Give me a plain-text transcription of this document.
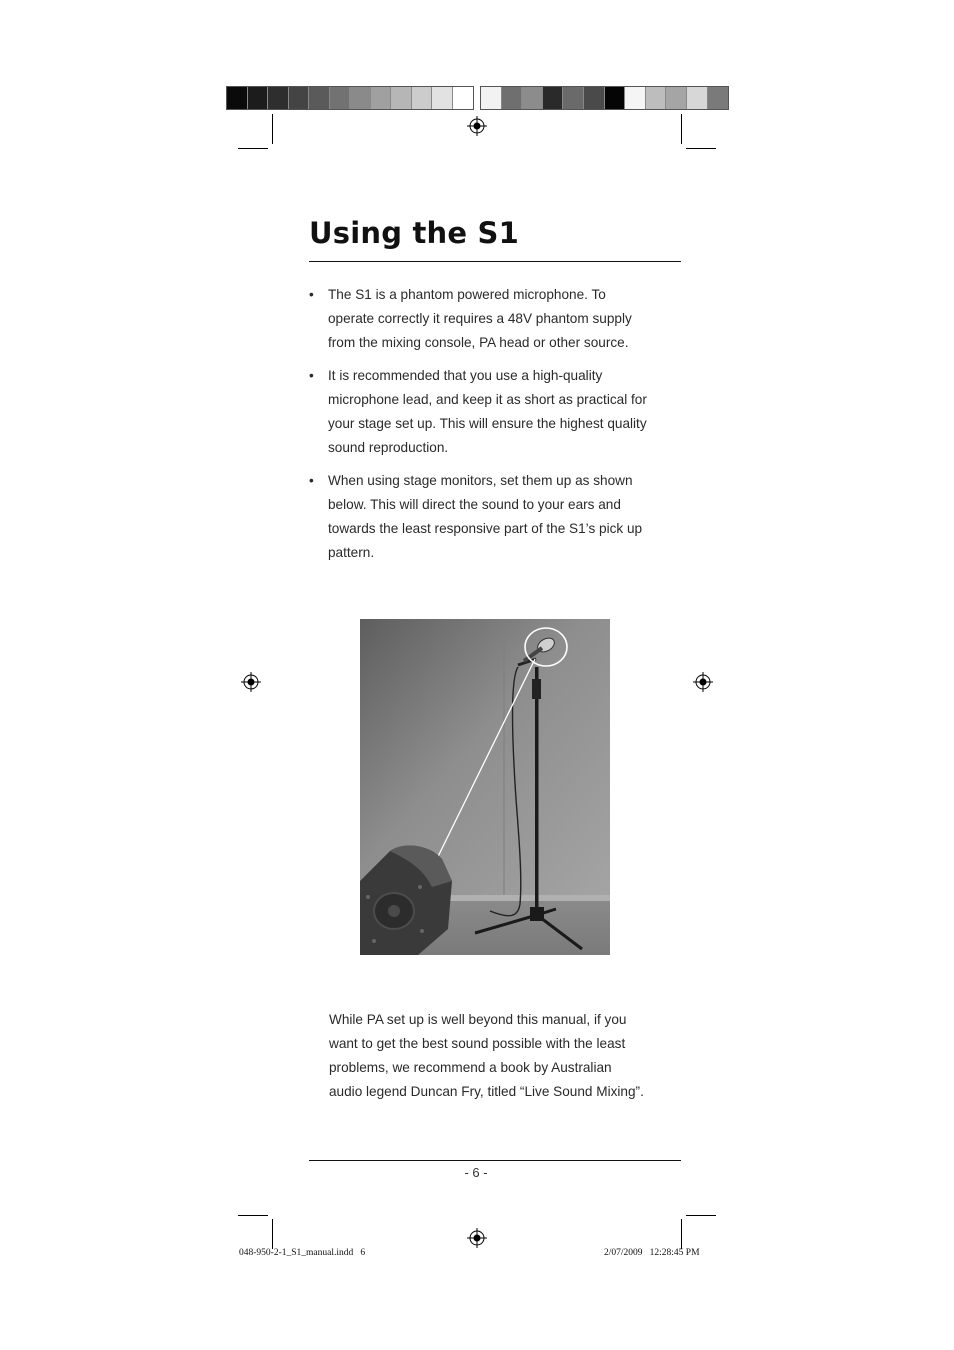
Using the S1
• The S1 is a phantom powered microphone. To operate correctly it requires a 48V phantom supply from the mixing console, PA head or other source.
• It is recommended that you use a high-quality microphone lead, and keep it as short as practical for your stage set up. This will ensure the highest quality sound reproduction.
• When using stage monitors, set them up as shown below. This will direct the sound to your ears and towards the least responsive part of the S1’s pick up pattern.

While PA set up is well beyond this manual, if you want to get the best sound possible with the least problems, we recommend a book by Australian audio legend Duncan Fry, titled “Live Sound Mixing”.

- 6 -
048-950-2-1_S1_manual.indd   6	2/07/2009   12:28:45 PM
